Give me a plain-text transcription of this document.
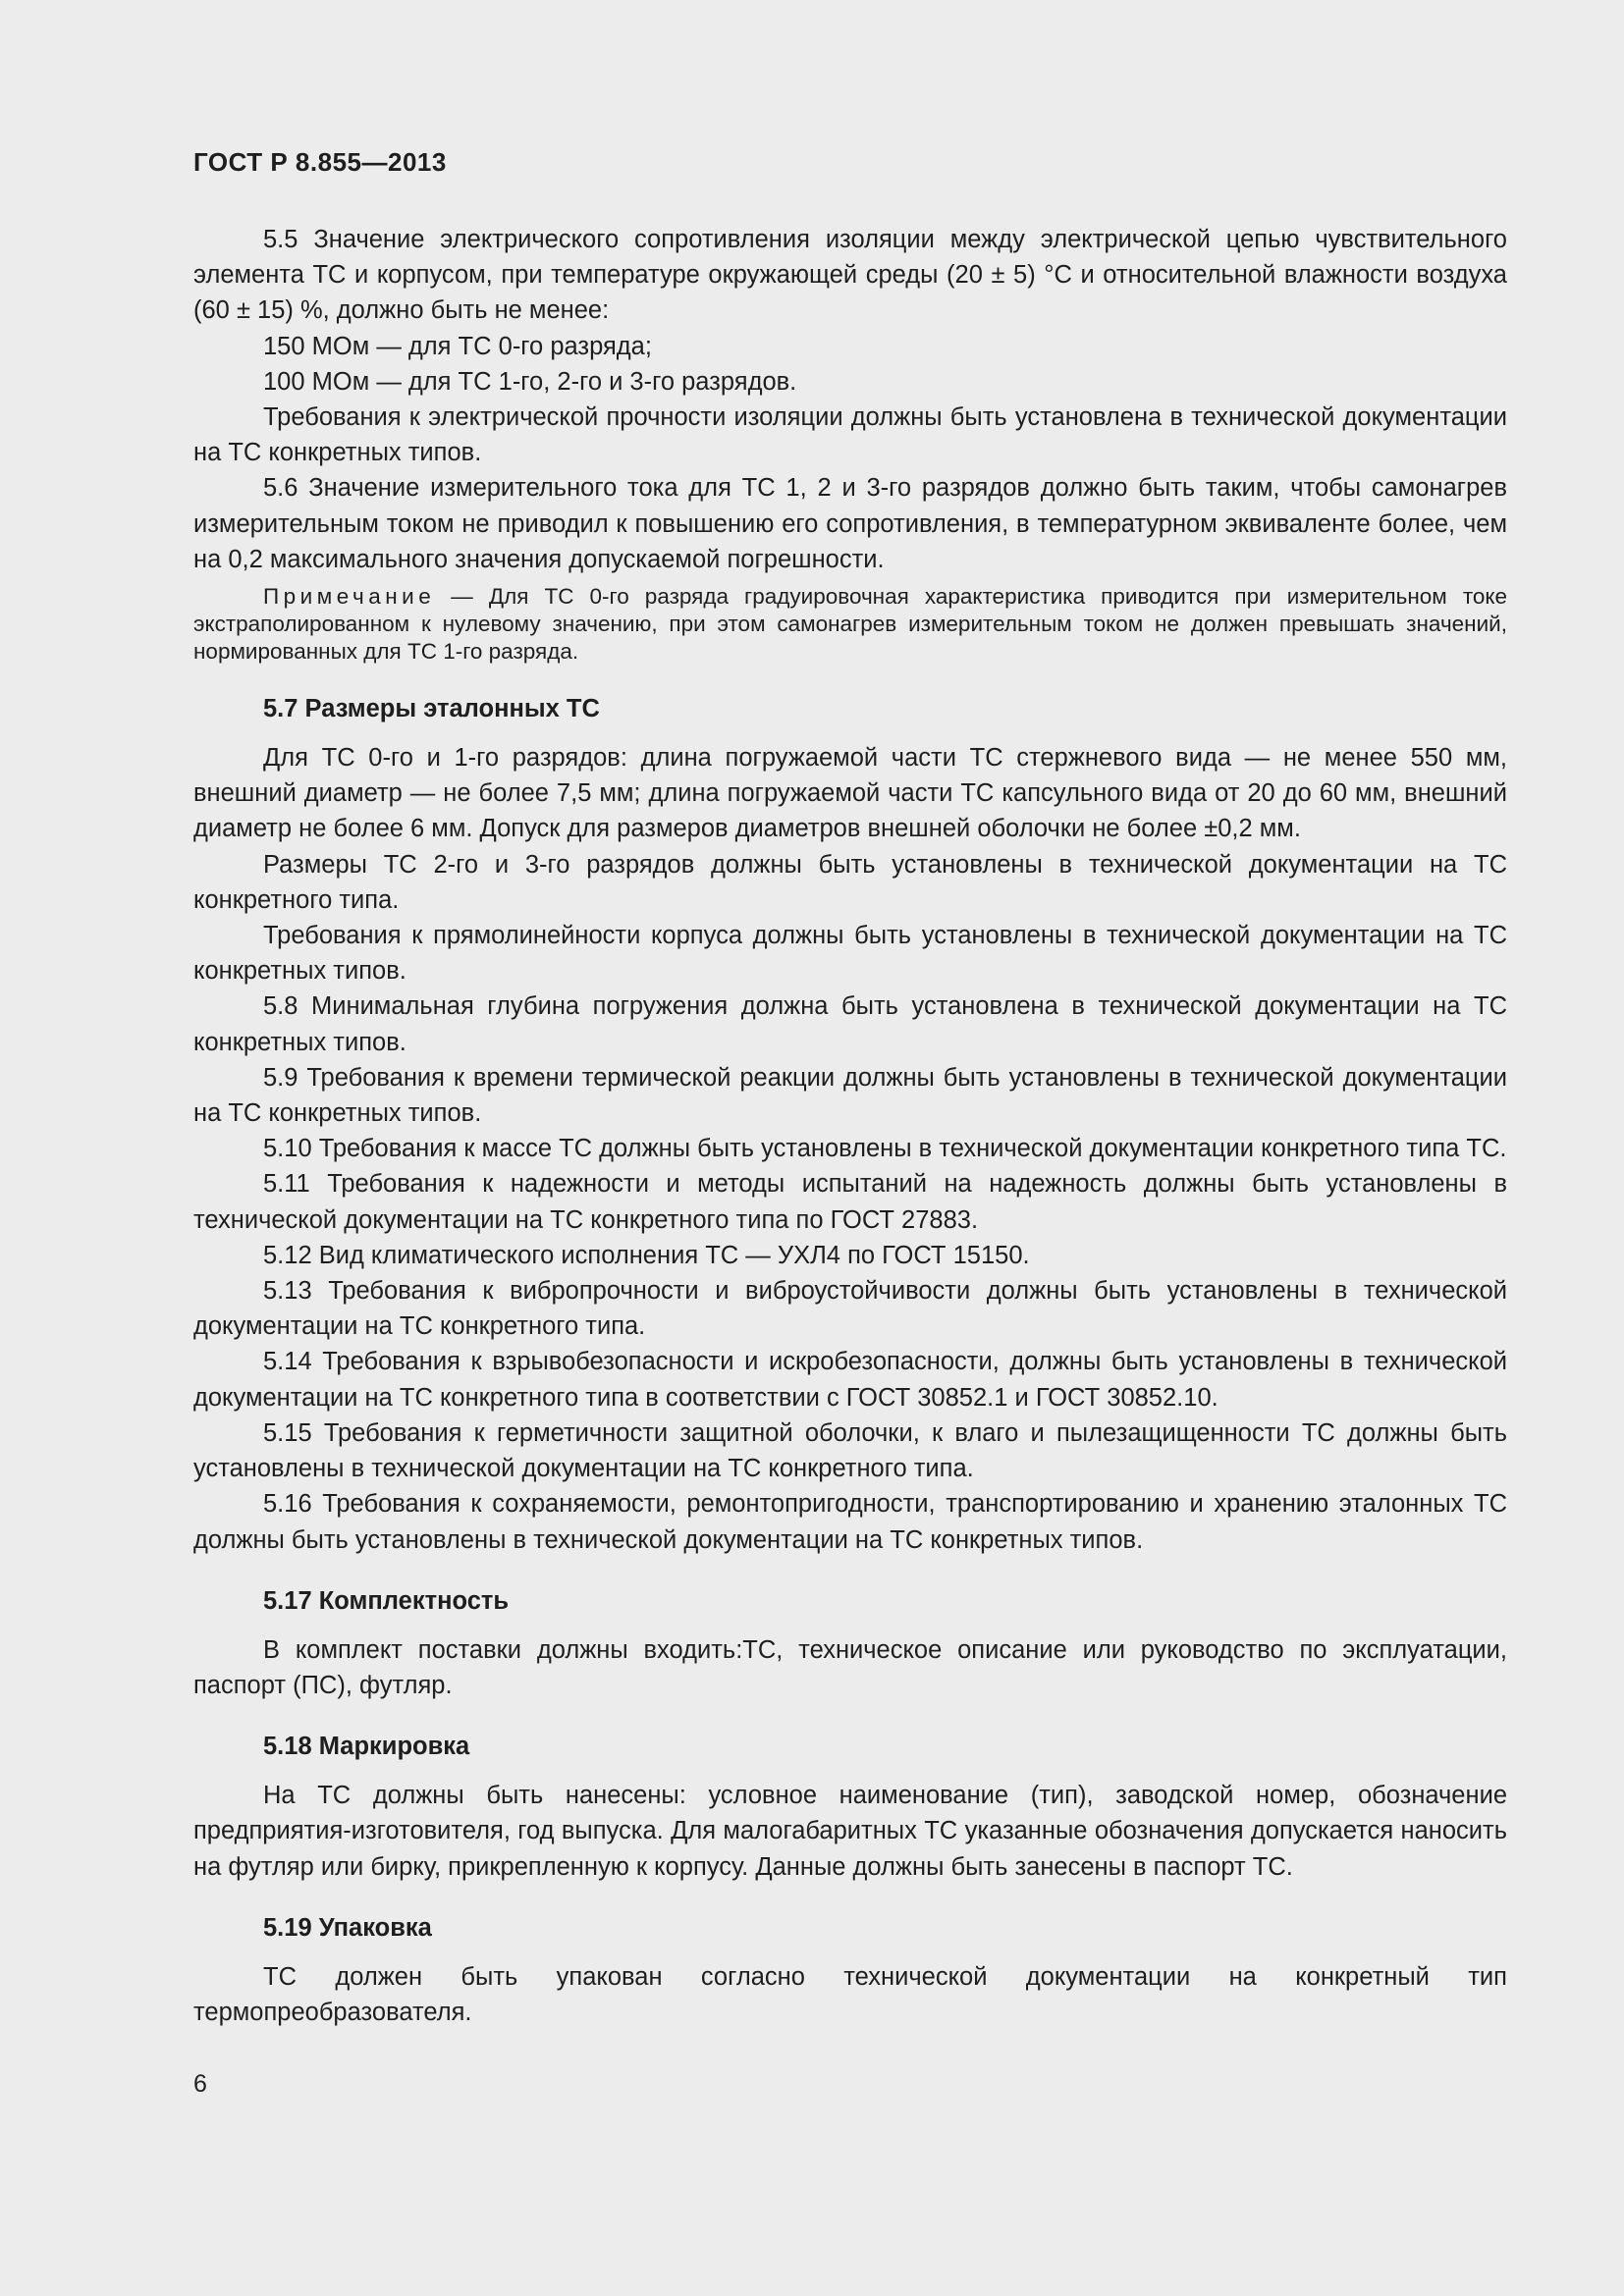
ГОСТ Р 8.855—2013

5.5 Значение электрического сопротивления изоляции между электрической цепью чувствительного элемента ТС и корпусом, при температуре окружающей среды (20 ± 5) °С и относительной влажности воздуха (60 ± 15) %, должно быть не менее:

150 МОм — для ТС 0-го разряда;

100 МОм — для ТС 1-го, 2-го и 3-го разрядов.

Требования к электрической прочности изоляции должны быть установлена в технической документации на ТС конкретных типов.

5.6 Значение измерительного тока для ТС 1, 2 и 3-го разрядов должно быть таким, чтобы самонагрев измерительным током не приводил к повышению его сопротивления, в температурном эквиваленте более, чем на 0,2 максимального значения допускаемой погрешности.

Примечание — Для ТС 0-го разряда градуировочная характеристика приводится при измерительном токе экстраполированном к нулевому значению, при этом самонагрев измерительным током не должен превышать значений, нормированных для ТС 1-го разряда.

5.7 Размеры эталонных ТС

Для ТС 0-го и 1-го разрядов: длина погружаемой части ТС стержневого вида — не менее 550 мм, внешний диаметр — не более 7,5 мм; длина погружаемой части ТС капсульного вида от 20 до 60 мм, внешний диаметр не более 6 мм. Допуск для размеров диаметров внешней оболочки не более ±0,2 мм.

Размеры ТС 2-го и 3-го разрядов должны быть установлены в технической документации на ТС конкретного типа.

Требования к прямолинейности корпуса должны быть установлены в технической документации на ТС конкретных типов.

5.8 Минимальная глубина погружения должна быть установлена в технической документации на ТС конкретных типов.

5.9 Требования к времени термической реакции должны быть установлены в технической документации на ТС конкретных типов.

5.10 Требования к массе ТС должны быть установлены в технической документации конкретного типа ТС.

5.11 Требования к надежности и методы испытаний на надежность должны быть установлены в технической документации на ТС конкретного типа по ГОСТ 27883.

5.12 Вид климатического исполнения ТС — УХЛ4 по ГОСТ 15150.

5.13 Требования к вибропрочности и виброустойчивости должны быть установлены в технической документации на ТС конкретного типа.

5.14 Требования к взрывобезопасности и искробезопасности, должны быть установлены в технической документации на ТС конкретного типа в соответствии с ГОСТ 30852.1 и ГОСТ 30852.10.

5.15 Требования к герметичности защитной оболочки, к влаго и пылезащищенности ТС должны быть установлены в технической документации на ТС конкретного типа.

5.16 Требования к сохраняемости, ремонтопригодности, транспортированию и хранению эталонных ТС должны быть установлены в технической документации на ТС конкретных типов.

5.17 Комплектность

В комплект поставки должны входить:ТС, техническое описание или руководство по эксплуатации, паспорт (ПС), футляр.

5.18 Маркировка

На ТС должны быть нанесены: условное наименование (тип), заводской номер, обозначение предприятия-изготовителя, год выпуска. Для малогабаритных ТС указанные обозначения допускается наносить на футляр или бирку, прикрепленную к корпусу. Данные должны быть занесены в паспорт ТС.

5.19 Упаковка

ТС должен быть упакован согласно технической документации на конкретный тип термопреобразователя.

6
